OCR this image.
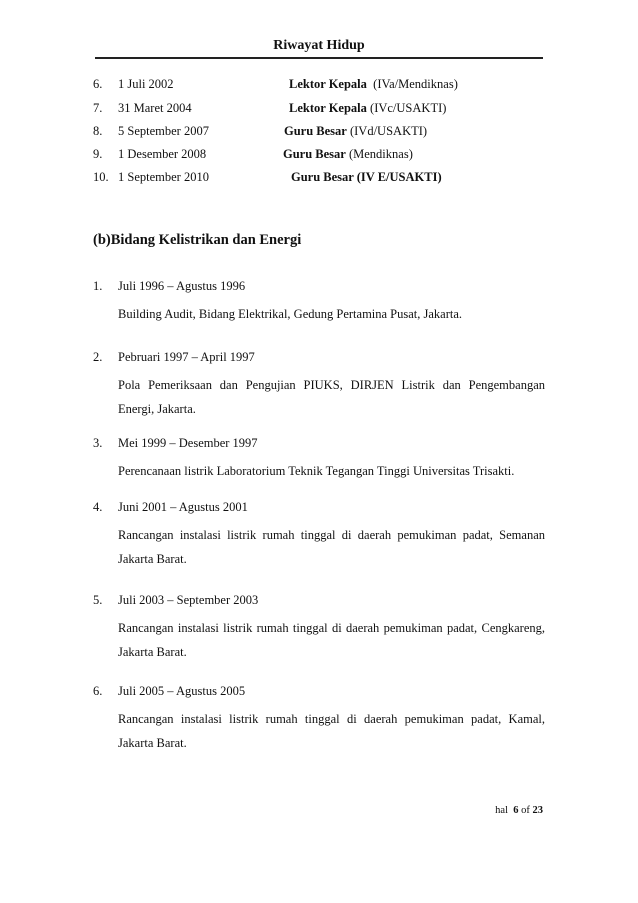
Riwayat Hidup
6. 1 Juli 2002	Lektor Kepala (IVa/Mendiknas)
7. 31 Maret 2004	Lektor Kepala (IVc/USAKTI)
8. 5 September 2007	Guru Besar (IVd/USAKTI)
9. 1 Desember 2008	Guru Besar (Mendiknas)
10. 1 September 2010	Guru Besar (IV E/USAKTI)
(b)Bidang Kelistrikan dan Energi
1. Juli 1996 – Agustus 1996
Building Audit, Bidang Elektrikal, Gedung Pertamina Pusat, Jakarta.
2. Pebruari 1997 – April 1997
Pola Pemeriksaan dan Pengujian PIUKS, DIRJEN Listrik dan Pengembangan Energi, Jakarta.
3. Mei 1999 – Desember 1997
Perencanaan listrik Laboratorium Teknik Tegangan Tinggi Universitas Trisakti.
4. Juni 2001 – Agustus 2001
Rancangan instalasi listrik rumah tinggal di daerah pemukiman padat, Semanan Jakarta Barat.
5. Juli 2003 – September 2003
Rancangan instalasi listrik rumah tinggal di daerah pemukiman padat, Cengkareng, Jakarta Barat.
6. Juli 2005 – Agustus 2005
Rancangan instalasi listrik rumah tinggal di daerah pemukiman padat, Kamal, Jakarta Barat.
hal 6 of 23
